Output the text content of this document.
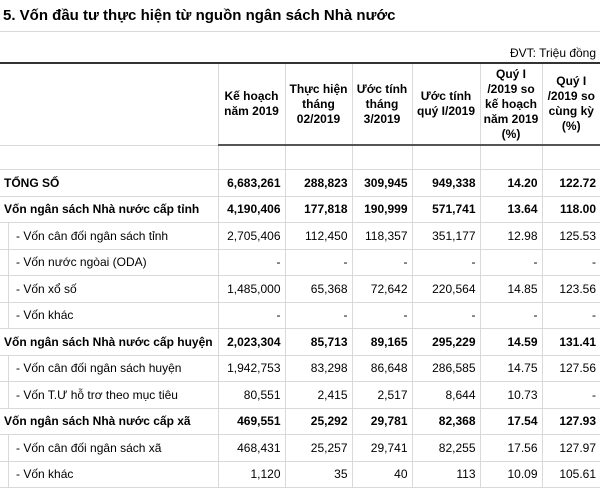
5. Vốn đầu tư thực hiện từ nguồn ngân sách Nhà nước						
ĐVT: Triệu đồng						
	Kế hoạch năm 2019	Thực hiện tháng 02/2019	Ước tính tháng 3/2019	Ước tính quý I/2019	Quý I /2019 so kế hoạch năm 2019 (%)	Quý I /2019 so cùng kỳ (%)

TỔNG SỐ	6,683,261	288,823	309,945	949,338	14.20	122.72
Vốn ngân sách Nhà nước cấp tỉnh	4,190,406	177,818	190,999	571,741	13.64	118.00
- Vốn cân đối ngân sách tỉnh	2,705,406	112,450	118,357	351,177	12.98	125.53
- Vốn nước ngòai (ODA)	-	-	-	-	-	-
- Vốn xổ số	1,485,000	65,368	72,642	220,564	14.85	123.56
- Vốn khác	-	-	-	-	-	-
Vốn ngân sách Nhà nước cấp huyện	2,023,304	85,713	89,165	295,229	14.59	131.41
- Vốn cân đối ngân sách huyện	1,942,753	83,298	86,648	286,585	14.75	127.56
- Vốn T.Ư hỗ trơ theo mục tiêu	80,551	2,415	2,517	8,644	10.73	-
Vốn ngân sách Nhà nước cấp xã	469,551	25,292	29,781	82,368	17.54	127.93
- Vốn cân đối ngân sách xã	468,431	25,257	29,741	82,255	17.56	127.97
- Vốn khác	1,120	35	40	113	10.09	105.61
